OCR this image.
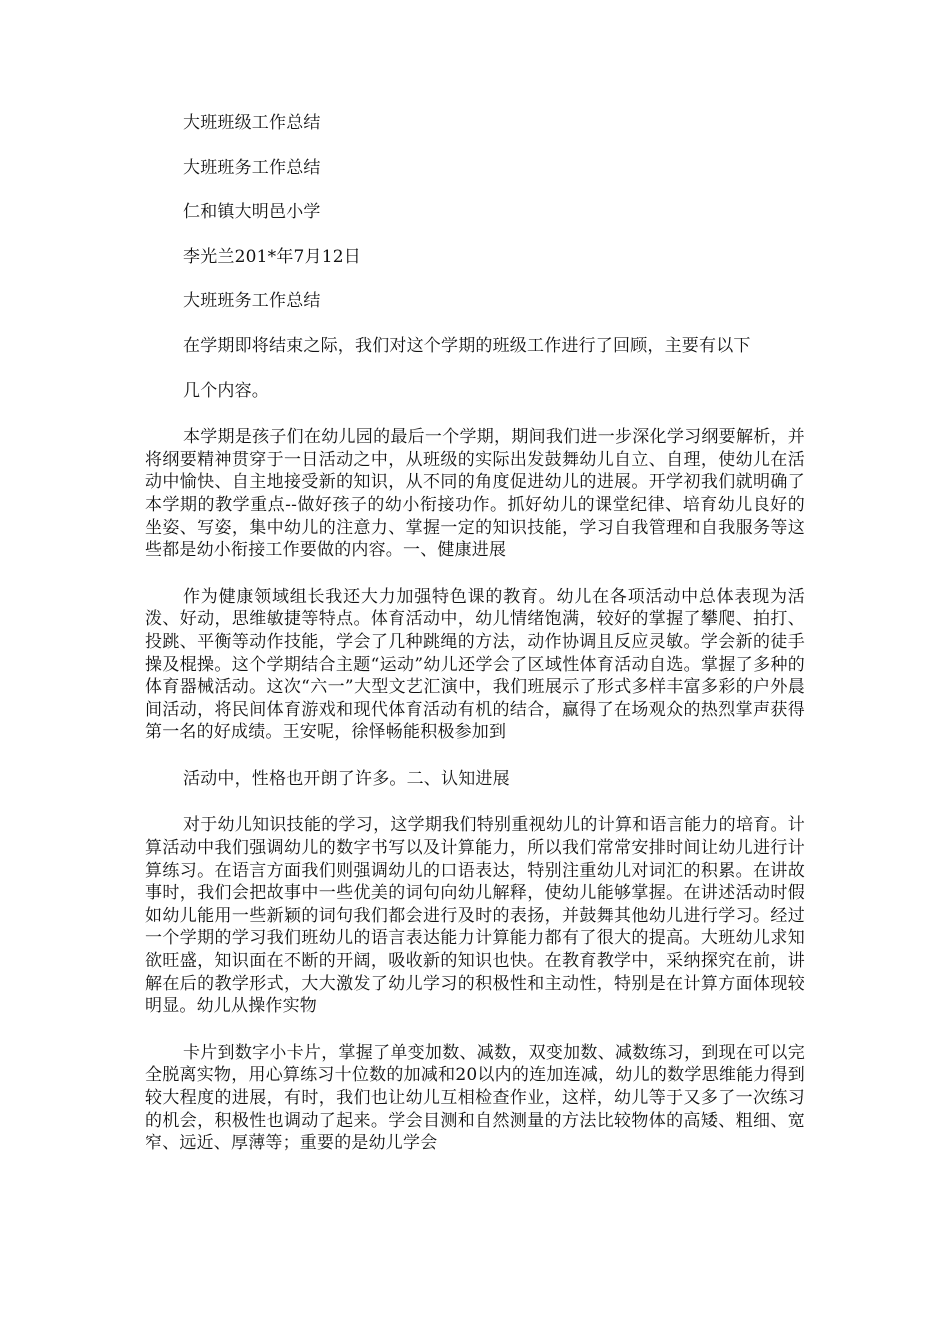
大班班级工作总结

大班班务工作总结

仁和镇大明邑小学

李光兰201*年7月12日

大班班务工作总结

在学期即将结束之际，我们对这个学期的班级工作进行了回顾，主要有以下

几个内容。

本学期是孩子们在幼儿园的最后一个学期，期间我们进一步深化学习纲要解析，并将纲要精神贯穿于一日活动之中，从班级的实际出发鼓舞幼儿自立、自理，使幼儿在活动中愉快、自主地接受新的知识，从不同的角度促进幼儿的进展。开学初我们就明确了本学期的教学重点--做好孩子的幼小衔接功作。抓好幼儿的课堂纪律、培育幼儿良好的坐姿、写姿，集中幼儿的注意力、掌握一定的知识技能，学习自我管理和自我服务等这些都是幼小衔接工作要做的内容。一、健康进展

作为健康领域组长我还大力加强特色课的教育。幼儿在各项活动中总体表现为活泼、好动，思维敏捷等特点。体育活动中，幼儿情绪饱满，较好的掌握了攀爬、拍打、投跳、平衡等动作技能，学会了几种跳绳的方法，动作协调且反应灵敏。学会新的徒手操及棍操。这个学期结合主题“运动”幼儿还学会了区域性体育活动自选。掌握了多种的体育器械活动。这次“六一”大型文艺汇演中，我们班展示了形式多样丰富多彩的户外晨间活动，将民间体育游戏和现代体育活动有机的结合，赢得了在场观众的热烈掌声获得第一名的好成绩。王安呢，徐怿畅能积极参加到

活动中，性格也开朗了许多。二、认知进展

对于幼儿知识技能的学习，这学期我们特别重视幼儿的计算和语言能力的培育。计算活动中我们强调幼儿的数字书写以及计算能力，所以我们常常安排时间让幼儿进行计算练习。在语言方面我们则强调幼儿的口语表达，特别注重幼儿对词汇的积累。在讲故事时，我们会把故事中一些优美的词句向幼儿解释，使幼儿能够掌握。在讲述活动时假如幼儿能用一些新颖的词句我们都会进行及时的表扬，并鼓舞其他幼儿进行学习。经过一个学期的学习我们班幼儿的语言表达能力计算能力都有了很大的提高。大班幼儿求知欲旺盛，知识面在不断的开阔，吸收新的知识也快。在教育教学中，采纳探究在前，讲解在后的教学形式，大大激发了幼儿学习的积极性和主动性，特别是在计算方面体现较明显。幼儿从操作实物

卡片到数字小卡片，掌握了单变加数、减数，双变加数、减数练习，到现在可以完全脱离实物，用心算练习十位数的加减和20以内的连加连减，幼儿的数学思维能力得到较大程度的进展，有时，我们也让幼儿互相检查作业，这样，幼儿等于又多了一次练习的机会，积极性也调动了起来。学会目测和自然测量的方法比较物体的高矮、粗细、宽窄、远近、厚薄等；重要的是幼儿学会
